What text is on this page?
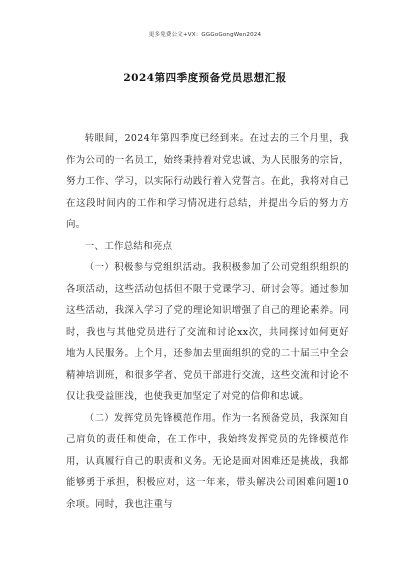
更多免费公文+VX：GGGoGongWen2024
2024第四季度预备党员思想汇报

转眼间，2024年第四季度已经到来。在过去的三个月里，我作为公司的一名员工，始终秉持着对党忠诚、为人民服务的宗旨，努力工作、学习，以实际行动践行着入党誓言。在此，我将对自己在这段时间内的工作和学习情况进行总结，并提出今后的努力方向。

一、工作总结和亮点

（一）积极参与党组织活动。我积极参加了公司党组织组织的各项活动，这些活动包括但不限于党课学习、研讨会等。通过参加这些活动，我深入学习了党的理论知识增强了自己的理论素养。同时，我也与其他党员进行了交流和讨论xx次，共同探讨如何更好地为人民服务。上个月，还参加去里面组织的党的二十届三中全会精神培训班，和很多学者、党员干部进行交流，这些交流和讨论不仅让我受益匪浅，也使我更加坚定了对党的信仰和忠诚。

（二）发挥党员先锋模范作用。作为一名预备党员，我深知自己肩负的责任和使命，在工作中，我始终发挥党员的先锋模范作用，认真履行自己的职责和义务。无论是面对困难还是挑战，我都能够勇于承担，积极应对，这一年来，带头解决公司困难问题10余项。同时，我也注重与
